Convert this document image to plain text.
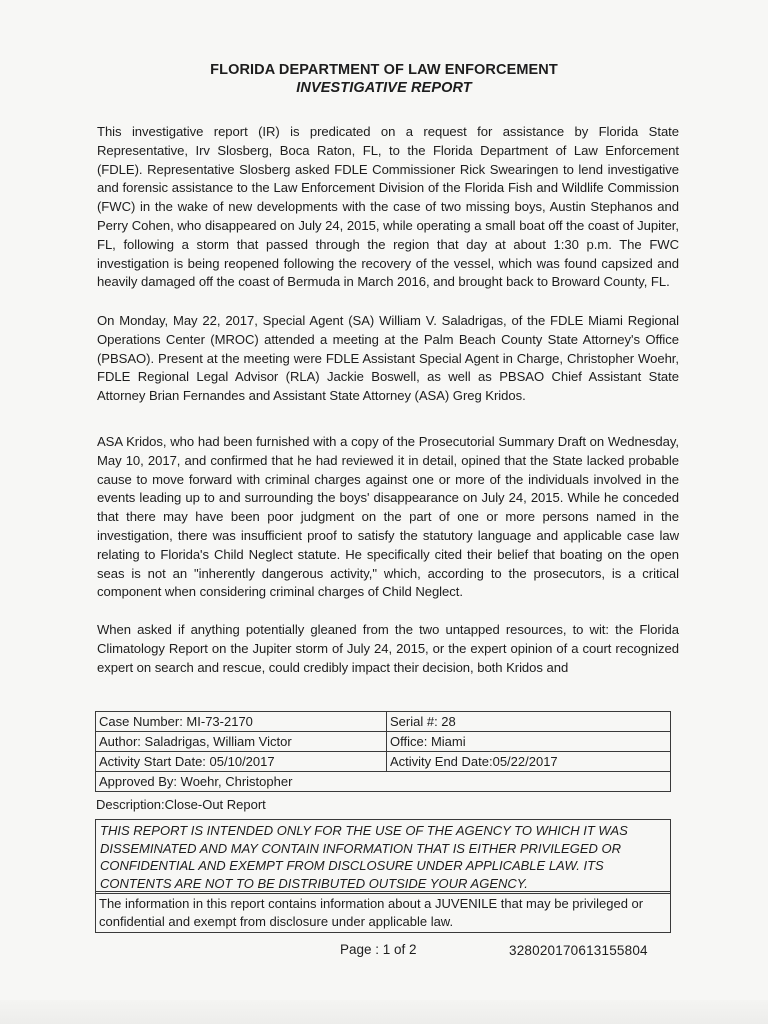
FLORIDA DEPARTMENT OF LAW ENFORCEMENT
INVESTIGATIVE REPORT

This investigative report (IR) is predicated on a request for assistance by Florida State Representative, Irv Slosberg, Boca Raton, FL, to the Florida Department of Law Enforcement (FDLE). Representative Slosberg asked FDLE Commissioner Rick Swearingen to lend investigative and forensic assistance to the Law Enforcement Division of the Florida Fish and Wildlife Commission (FWC) in the wake of new developments with the case of two missing boys, Austin Stephanos and Perry Cohen, who disappeared on July 24, 2015, while operating a small boat off the coast of Jupiter, FL, following a storm that passed through the region that day at about 1:30 p.m. The FWC investigation is being reopened following the recovery of the vessel, which was found capsized and heavily damaged off the coast of Bermuda in March 2016, and brought back to Broward County, FL.

On Monday, May 22, 2017, Special Agent (SA) William V. Saladrigas, of the FDLE Miami Regional Operations Center (MROC) attended a meeting at the Palm Beach County State Attorney's Office (PBSAO). Present at the meeting were FDLE Assistant Special Agent in Charge, Christopher Woehr, FDLE Regional Legal Advisor (RLA) Jackie Boswell, as well as PBSAO Chief Assistant State Attorney Brian Fernandes and Assistant State Attorney (ASA) Greg Kridos.

ASA Kridos, who had been furnished with a copy of the Prosecutorial Summary Draft on Wednesday, May 10, 2017, and confirmed that he had reviewed it in detail, opined that the State lacked probable cause to move forward with criminal charges against one or more of the individuals involved in the events leading up to and surrounding the boys' disappearance on July 24, 2015. While he conceded that there may have been poor judgment on the part of one or more persons named in the investigation, there was insufficient proof to satisfy the statutory language and applicable case law relating to Florida's Child Neglect statute. He specifically cited their belief that boating on the open seas is not an "inherently dangerous activity," which, according to the prosecutors, is a critical component when considering criminal charges of Child Neglect.

When asked if anything potentially gleaned from the two untapped resources, to wit: the Florida Climatology Report on the Jupiter storm of July 24, 2015, or the expert opinion of a court recognized expert on search and rescue, could credibly impact their decision, both Kridos and

Case Number: MI-73-2170	Serial #: 28
Author: Saladrigas, William Victor	Office: Miami
Activity Start Date: 05/10/2017	Activity End Date:05/22/2017
Approved By: Woehr, Christopher	
Description:Close-Out Report
THIS REPORT IS INTENDED ONLY FOR THE USE OF THE AGENCY TO WHICH IT WAS DISSEMINATED AND MAY CONTAIN INFORMATION THAT IS EITHER PRIVILEGED OR CONFIDENTIAL AND EXEMPT FROM DISCLOSURE UNDER APPLICABLE LAW. ITS CONTENTS ARE NOT TO BE DISTRIBUTED OUTSIDE YOUR AGENCY.
The information in this report contains information about a JUVENILE that may be privileged or confidential and exempt from disclosure under applicable law.
Page : 1 of 2	328020170613155804
